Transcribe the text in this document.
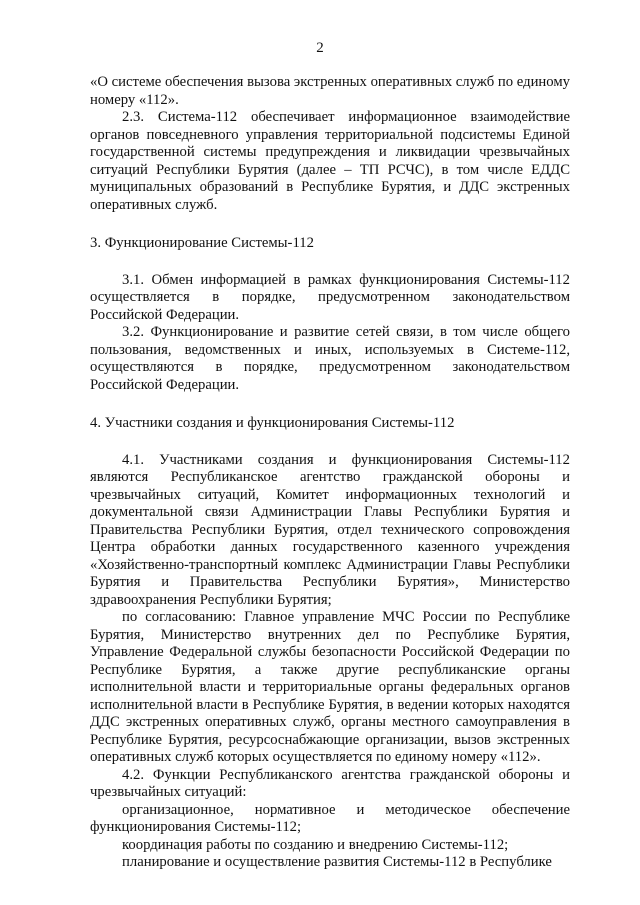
2

«О системе обеспечения вызова экстренных оперативных служб по единому номеру «112».

2.3. Система-112 обеспечивает информационное взаимодействие органов повседневного управления территориальной подсистемы Единой государственной системы предупреждения и ликвидации чрезвычайных ситуаций Республики Бурятия (далее – ТП РСЧС), в том числе ЕДДС муниципальных образований в Республике Бурятия, и ДДС экстренных оперативных служб.

3. Функционирование Системы-112

3.1. Обмен информацией в рамках функционирования Системы-112 осуществляется в порядке, предусмотренном законодательством Российской Федерации.

3.2. Функционирование и развитие сетей связи, в том числе общего пользования, ведомственных и иных, используемых в Системе-112, осуществляются в порядке, предусмотренном законодательством Российской Федерации.

4. Участники создания и функционирования Системы-112

4.1. Участниками создания и функционирования Системы-112 являются Республиканское агентство гражданской обороны и чрезвычайных ситуаций, Комитет информационных технологий и документальной связи Администрации Главы Республики Бурятия и Правительства Республики Бурятия, отдел технического сопровождения Центра обработки данных государственного казенного учреждения «Хозяйственно-транспортный комплекс Администрации Главы Республики Бурятия и Правительства Республики Бурятия», Министерство здравоохранения Республики Бурятия;

по согласованию: Главное управление МЧС России по Республике Бурятия, Министерство внутренних дел по Республике Бурятия, Управление Федеральной службы безопасности Российской Федерации по Республике Бурятия, а также другие республиканские органы исполнительной власти и территориальные органы федеральных органов исполнительной власти в Республике Бурятия, в ведении которых находятся ДДС экстренных оперативных служб, органы местного самоуправления в Республике Бурятия, ресурсоснабжающие организации, вызов экстренных оперативных служб которых осуществляется по единому номеру «112».

4.2. Функции Республиканского агентства гражданской обороны и чрезвычайных ситуаций:

организационное, нормативное и методическое обеспечение функционирования Системы-112;

координация работы по созданию и внедрению Системы-112;

планирование и осуществление развития Системы-112 в Республике
